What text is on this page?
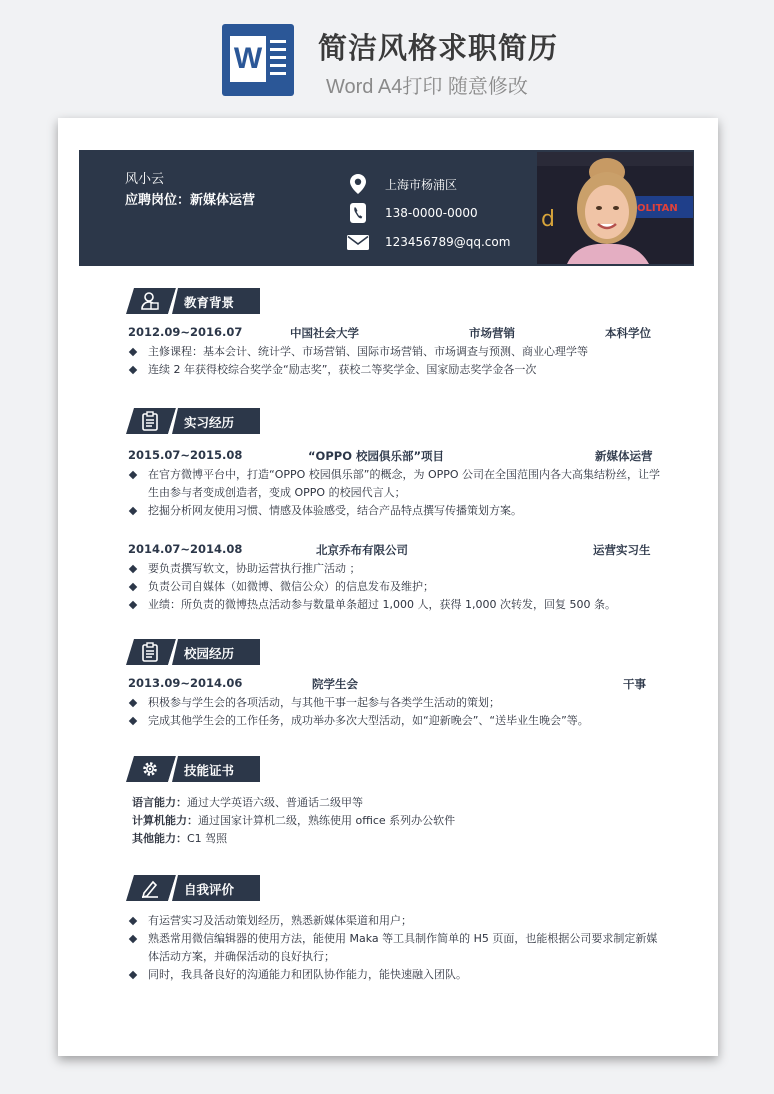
W 简洁风格求职简历
Word A4打印 随意修改
风小云
应聘岗位：新媒体运营
上海市杨浦区
138-0000-0000
123456789@qq.com
d	OLITAN
教育背景
2012.09~2016.07	中国社会大学	市场营销	本科学位
主修课程：基本会计、统计学、市场营销、国际市场营销、市场调查与预测、商业心理学等
连续 2 年获得校综合奖学金“励志奖”，获校二等奖学金、国家励志奖学金各一次
实习经历
2015.07~2015.08	“OPPO 校园俱乐部”项目	新媒体运营
在官方微博平台中，打造“OPPO 校园俱乐部”的概念，为 OPPO 公司在全国范围内各大高集结粉丝，让学生由参与者变成创造者，变成 OPPO 的校园代言人；
挖掘分析网友使用习惯、情感及体验感受，结合产品特点撰写传播策划方案。
2014.07~2014.08	北京乔布有限公司	运营实习生
要负责撰写软文，协助运营执行推广活动 ；
负责公司自媒体（如微博、微信公众）的信息发布及维护；
业绩：所负责的微博热点活动参与数量单条超过 1,000 人，获得 1,000 次转发，回复 500 条。
校园经历
2013.09~2014.06	院学生会	干事
积极参与学生会的各项活动，与其他干事一起参与各类学生活动的策划；
完成其他学生会的工作任务，成功举办多次大型活动，如“迎新晚会”、“送毕业生晚会”等。
技能证书
语言能力：通过大学英语六级、普通话二级甲等
计算机能力：通过国家计算机二级，熟练使用 office 系列办公软件
其他能力：C1 驾照
自我评价
有运营实习及活动策划经历，熟悉新媒体渠道和用户；
熟悉常用微信编辑器的使用方法，能使用 Maka 等工具制作简单的 H5 页面，也能根据公司要求制定新媒体活动方案，并确保活动的良好执行；
同时，我具备良好的沟通能力和团队协作能力，能快速融入团队。
